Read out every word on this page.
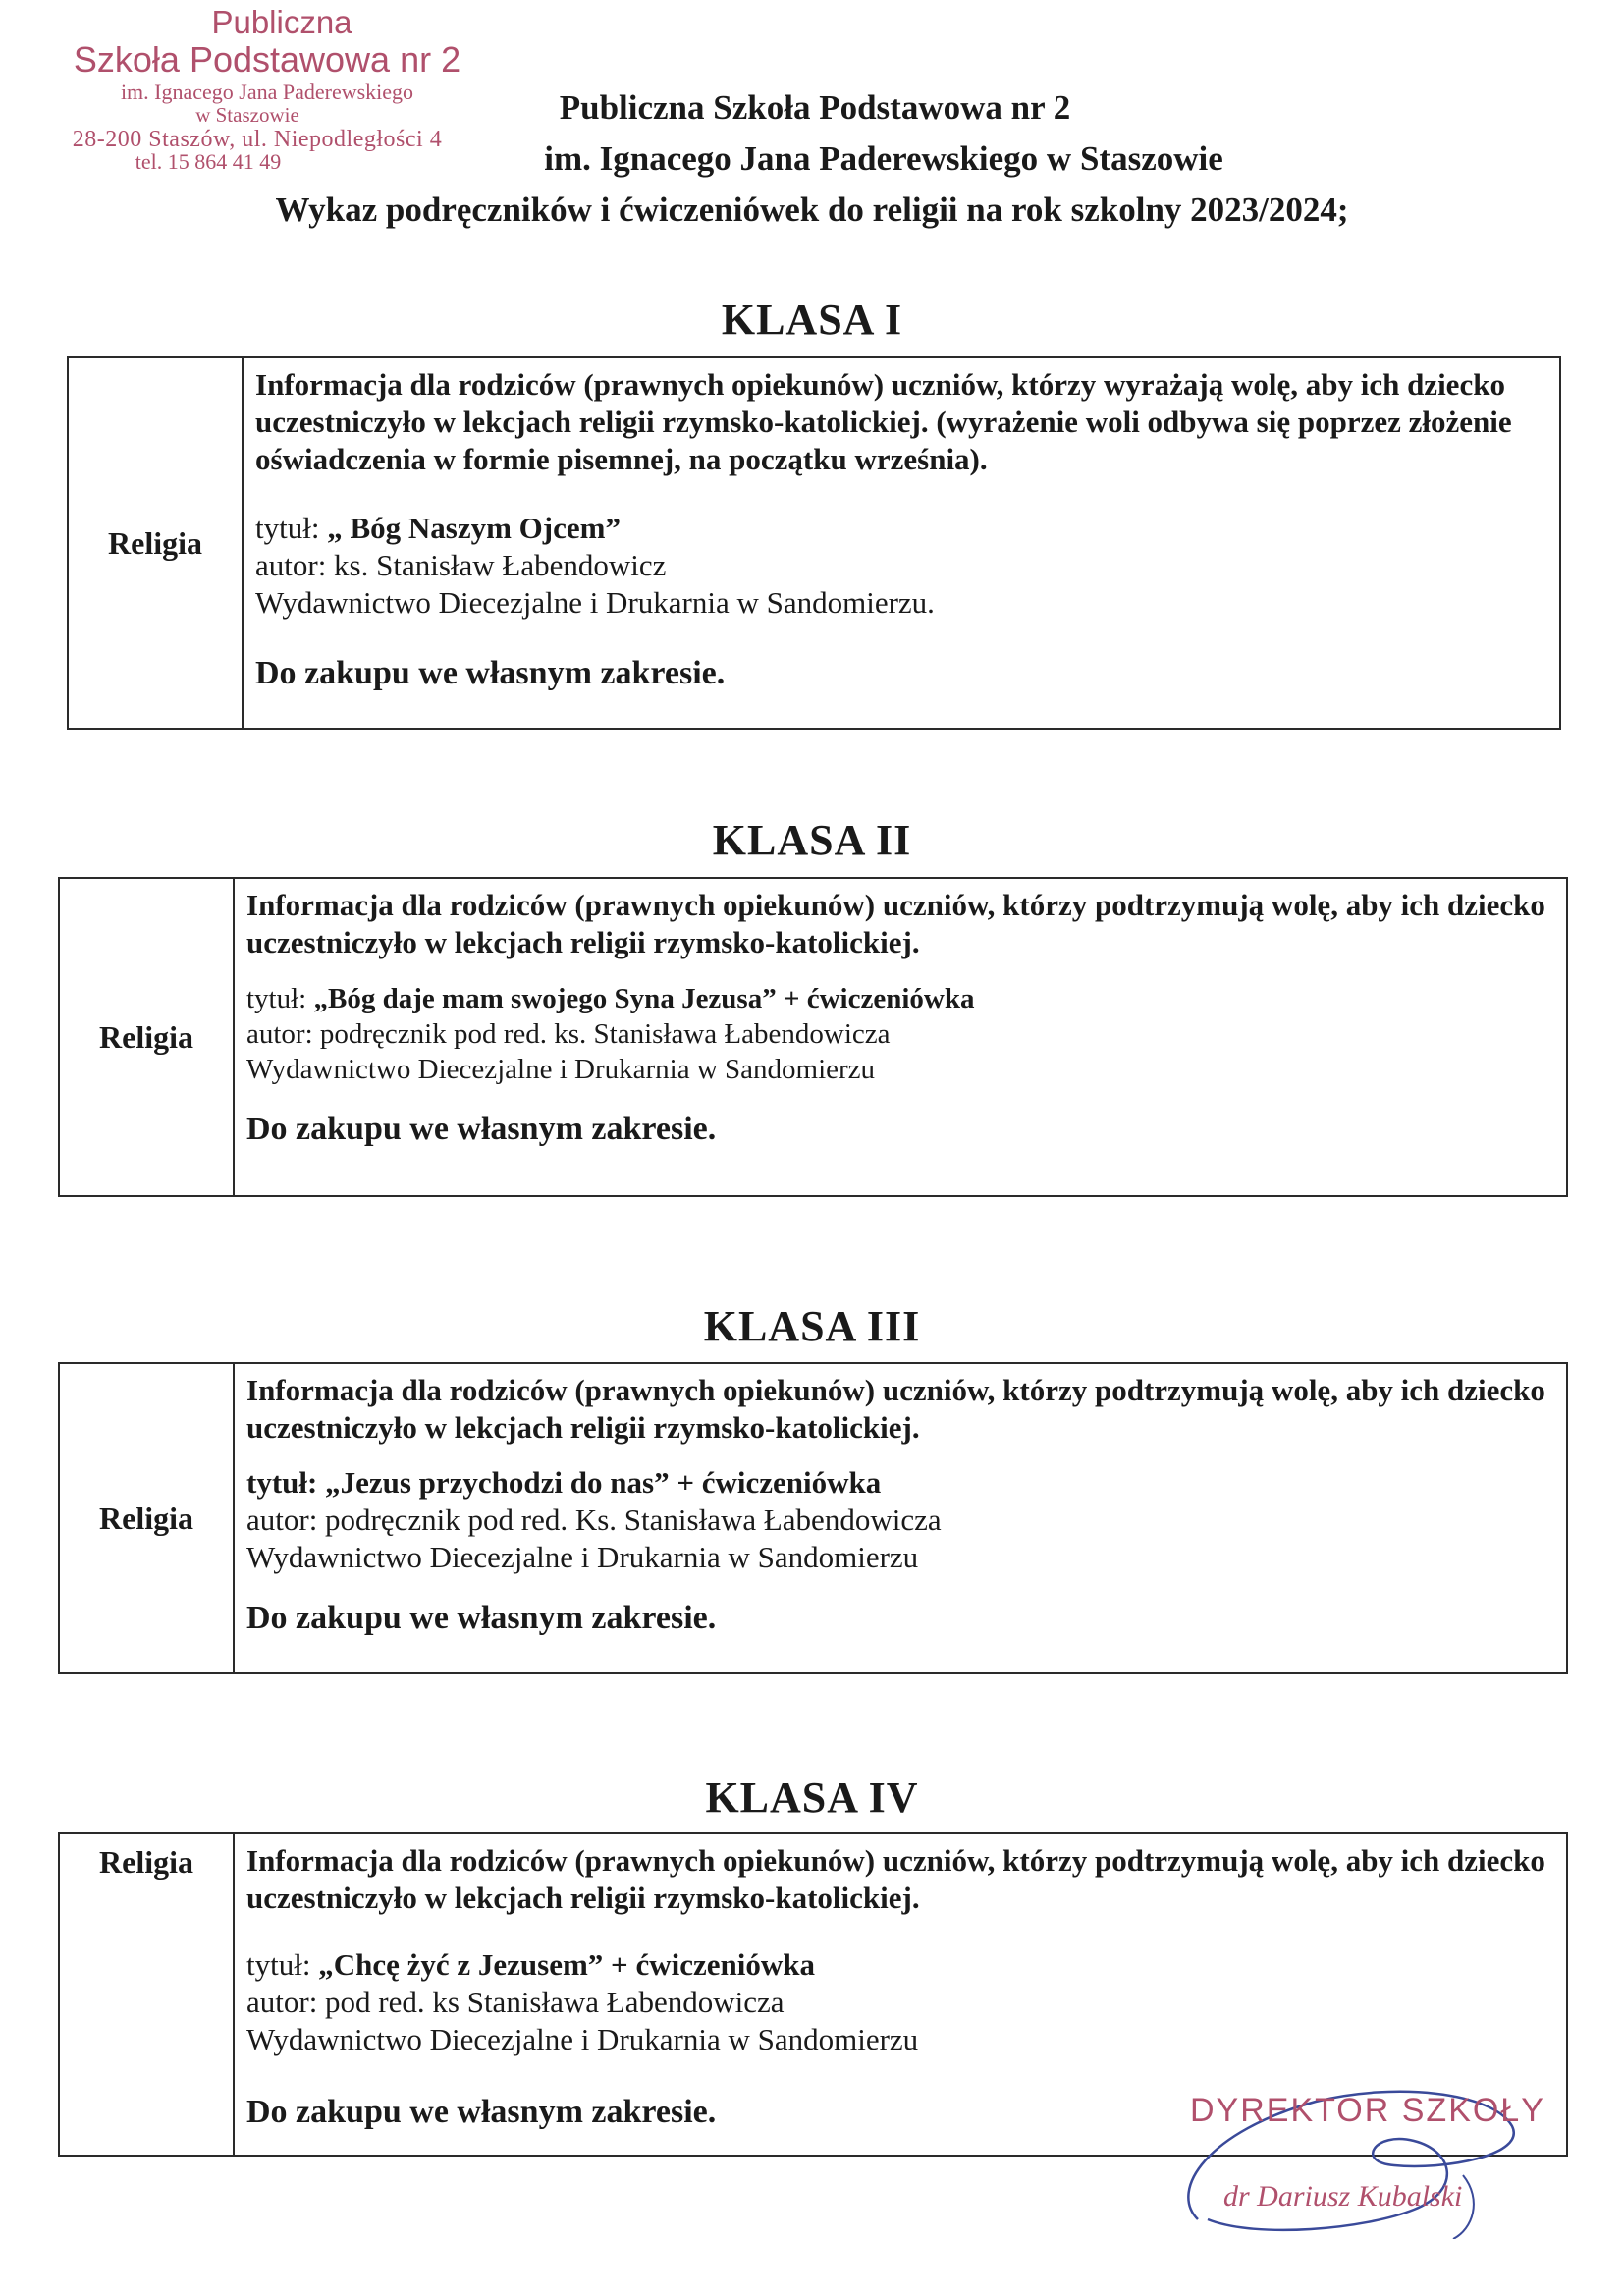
Publiczna
Szkoła Podstawowa nr 2
im. Ignacego Jana Paderewskiego
w Staszowie
28-200 Staszów, ul. Niepodległości 4
tel. 15 864 41 49
Publiczna Szkoła Podstawowa nr 2
im. Ignacego Jana Paderewskiego w Staszowie
Wykaz podręczników i ćwiczeniówek do religii na rok szkolny 2023/2024;
KLASA I
Religia

Informacja dla rodziców (prawnych opiekunów) uczniów, którzy wyrażają wolę, aby ich dziecko uczestniczyło w lekcjach religii rzymsko-katolickiej. (wyrażenie woli odbywa się poprzez złożenie oświadczenia w formie pisemnej, na początku września).

tytuł: „ Bóg Naszym Ojcem”
autor: ks. Stanisław Łabendowicz
Wydawnictwo Diecezjalne i Drukarnia w Sandomierzu.
Do zakupu we własnym zakresie.
KLASA II
Religia

Informacja dla rodziców (prawnych opiekunów) uczniów, którzy podtrzymują wolę, aby ich dziecko uczestniczyło w lekcjach religii rzymsko-katolickiej.

tytuł: „Bóg daje mam swojego Syna Jezusa” + ćwiczeniówka
autor: podręcznik pod red. ks. Stanisława Łabendowicza
Wydawnictwo Diecezjalne i Drukarnia w Sandomierzu
Do zakupu we własnym zakresie.
KLASA III
Religia

Informacja dla rodziców (prawnych opiekunów) uczniów, którzy podtrzymują wolę, aby ich dziecko uczestniczyło w lekcjach religii rzymsko-katolickiej.

tytuł: „Jezus przychodzi do nas” + ćwiczeniówka
autor: podręcznik pod red. Ks. Stanisława Łabendowicza
Wydawnictwo Diecezjalne i Drukarnia w Sandomierzu
Do zakupu we własnym zakresie.
KLASA IV
Religia	Informacja dla rodziców (prawnych opiekunów) uczniów, którzy podtrzymują wolę, aby ich dziecko uczestniczyło w lekcjach religii rzymsko-katolickiej.

tytuł: „Chcę żyć z Jezusem” + ćwiczeniówka
autor: pod red. ks Stanisława Łabendowicza
Wydawnictwo Diecezjalne i Drukarnia w Sandomierzu
Do zakupu we własnym zakresie.	DYREKTOR SZKOŁY
dr Dariusz Kubalski
